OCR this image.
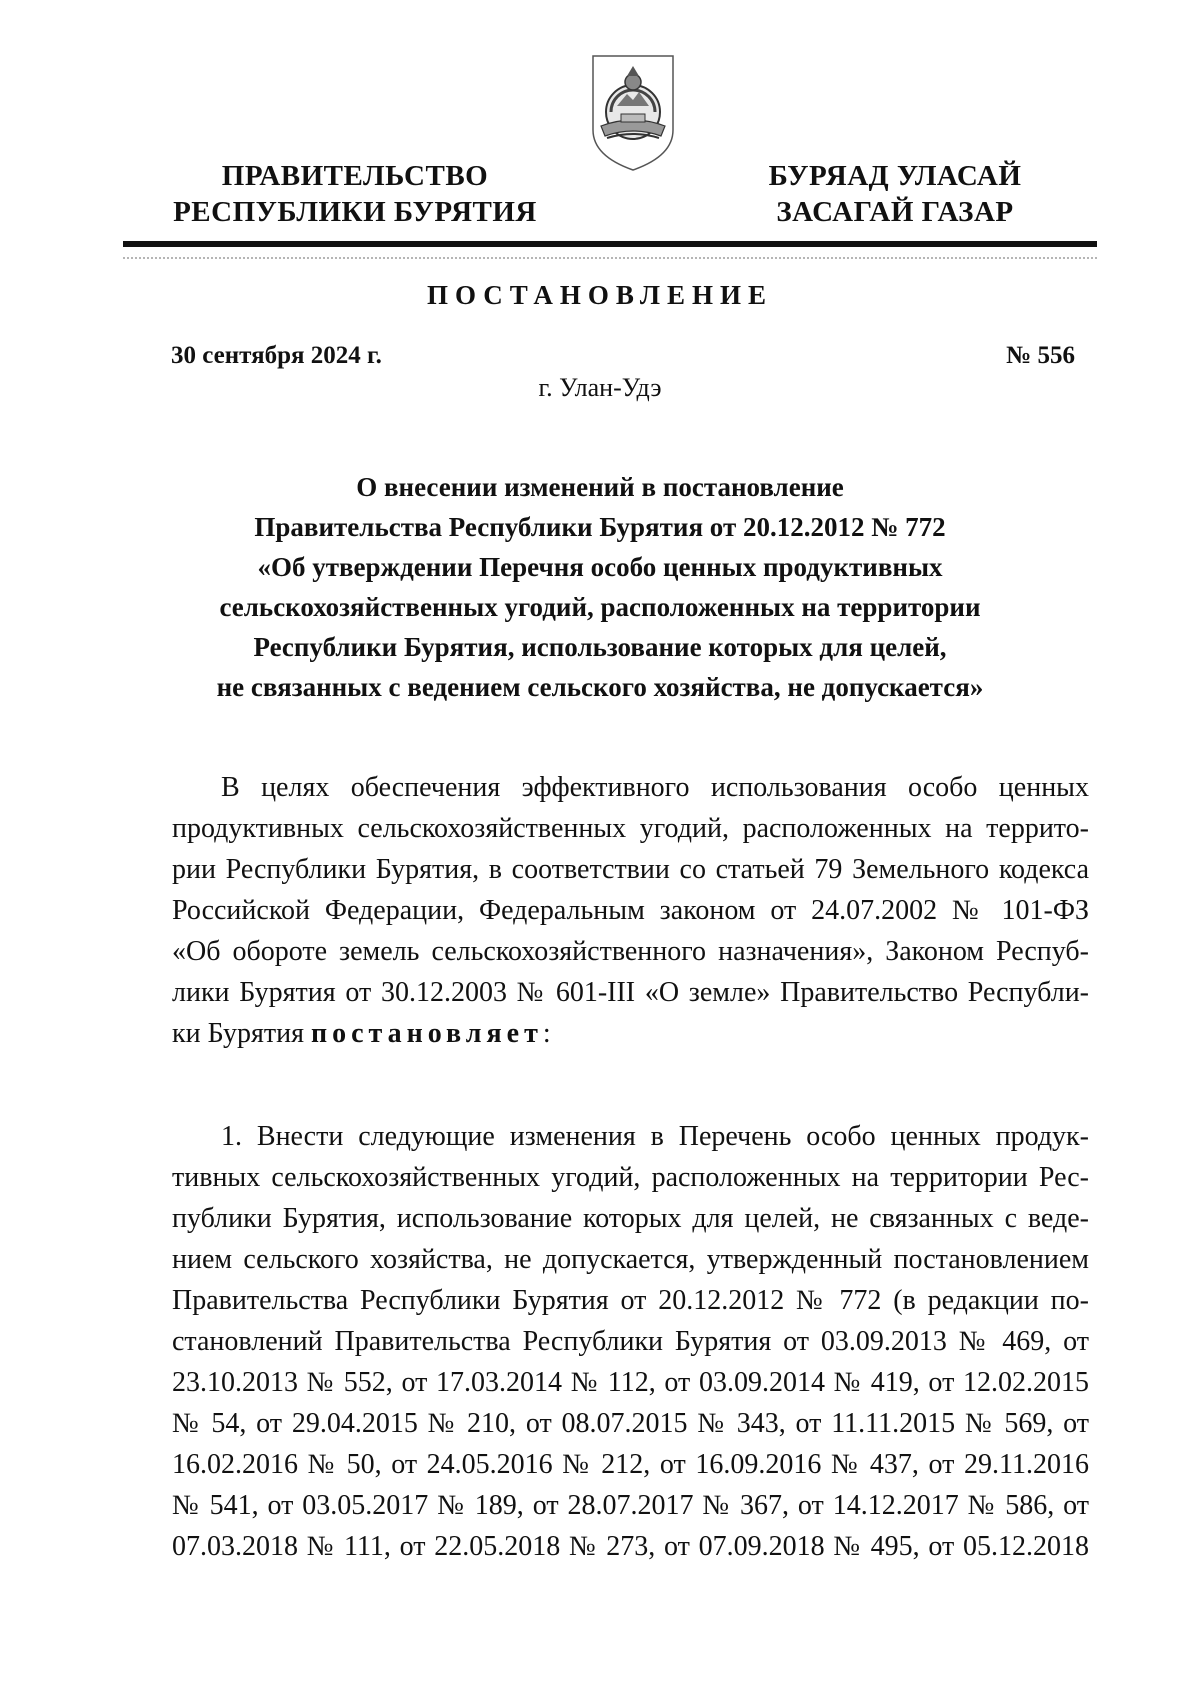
ПРАВИТЕЛЬСТВО
РЕСПУБЛИКИ БУРЯТИЯ
БУРЯАД УЛАСАЙ
ЗАСАГАЙ ГАЗАР
ПОСТАНОВЛЕНИЕ
30 сентября 2024 г.	№ 556
г. Улан-Удэ
О внесении изменений в постановление
Правительства Республики Бурятия от 20.12.2012 № 772
«Об утверждении Перечня особо ценных продуктивных
сельскохозяйственных угодий, расположенных на территории
Республики Бурятия, использование которых для целей,
не связанных с ведением сельского хозяйства, не допускается»
В целях обеспечения эффективного использования особо ценных
продуктивных сельскохозяйственных угодий, расположенных на террито-
рии Республики Бурятия, в соответствии со статьей 79 Земельного кодекса
Российской Федерации, Федеральным законом от 24.07.2002 № 101-ФЗ
«Об обороте земель сельскохозяйственного назначения», Законом Респуб-
лики Бурятия от 30.12.2003 № 601-III «О земле» Правительство Республи-
ки Бурятия постановляет:
1. Внести следующие изменения в Перечень особо ценных продук-
тивных сельскохозяйственных угодий, расположенных на территории Рес-
публики Бурятия, использование которых для целей, не связанных с веде-
нием сельского хозяйства, не допускается, утвержденный постановлением
Правительства Республики Бурятия от 20.12.2012 № 772 (в редакции по-
становлений Правительства Республики Бурятия от 03.09.2013 № 469, от
23.10.2013 № 552, от 17.03.2014 № 112, от 03.09.2014 № 419, от 12.02.2015
№ 54, от 29.04.2015 № 210, от 08.07.2015 № 343, от 11.11.2015 № 569, от
16.02.2016 № 50, от 24.05.2016 № 212, от 16.09.2016 № 437, от 29.11.2016
№ 541, от 03.05.2017 № 189, от 28.07.2017 № 367, от 14.12.2017 № 586, от
07.03.2018 № 111, от 22.05.2018 № 273, от 07.09.2018 № 495, от 05.12.2018
